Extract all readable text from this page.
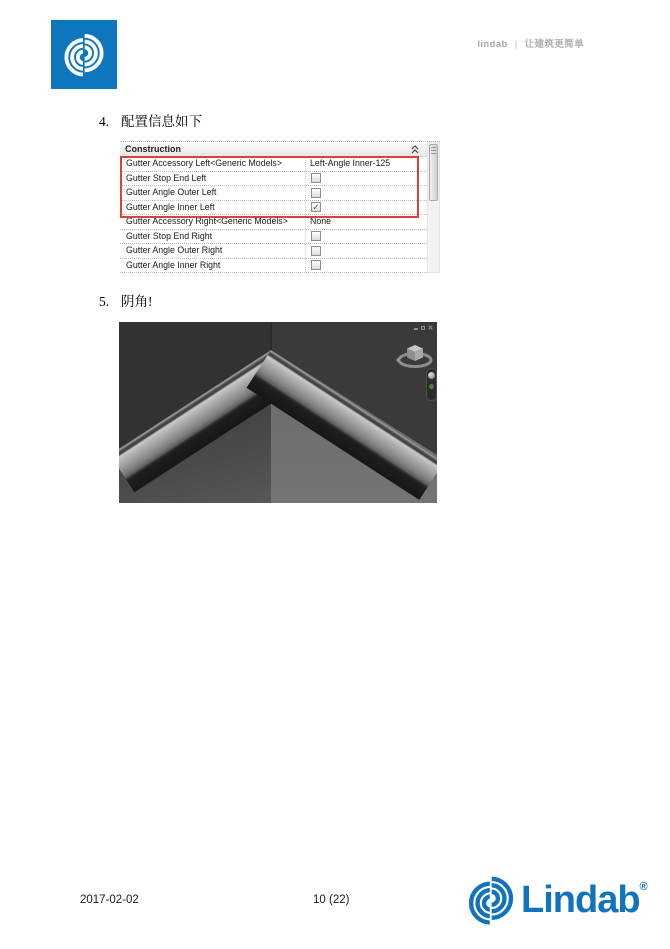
lindab | 让建筑更简单
4. 配置信息如下
Construction
Gutter Accessory Left<Generic Models>	Left-Angle Inner-125
Gutter Stop End Left
Gutter Angle Outer Left
Gutter Angle Inner Left	✓
Gutter Accessory Right<Generic Models>	None
Gutter Stop End Right
Gutter Angle Outer Right
Gutter Angle Inner Right
5. 阴角!
2017-02-02	10 (22)	Lindab®
